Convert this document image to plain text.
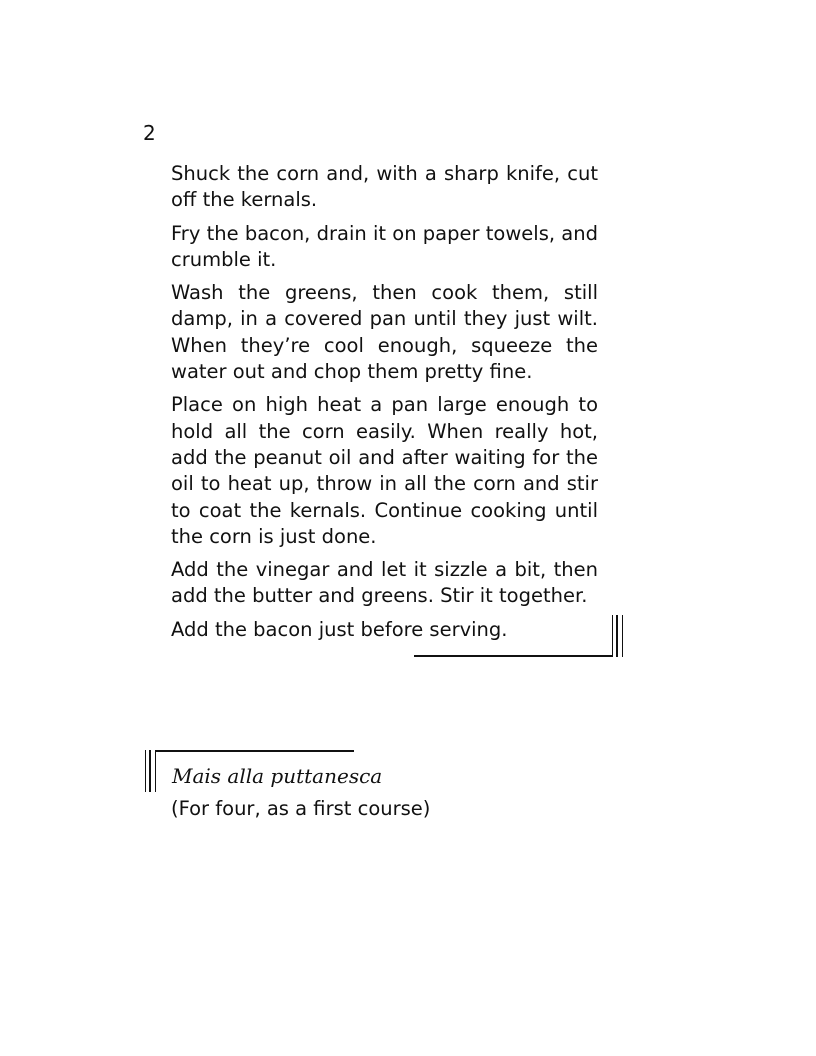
2

Shuck the corn and, with a sharp knife, cut off the kernals.

Fry the bacon, drain it on paper towels, and crumble it.

Wash the greens, then cook them, still damp, in a covered pan until they just wilt. When they’re cool enough, squeeze the water out and chop them pretty fine.

Place on high heat a pan large enough to hold all the corn easily. When really hot, add the peanut oil and after waiting for the oil to heat up, throw in all the corn and stir to coat the kernals. Continue cooking until the corn is just done.

Add the vinegar and let it sizzle a bit, then add the butter and greens. Stir it together.

Add the bacon just before serving.

Mais alla puttanesca
(For four, as a first course)
